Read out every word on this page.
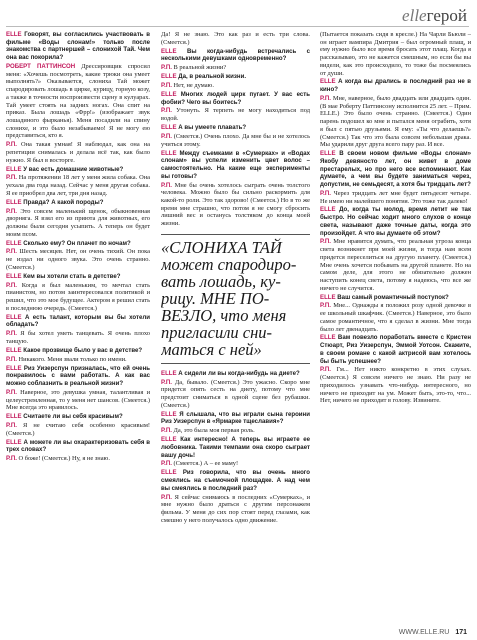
elleгерой

ELLE Говорят, вы согласились участвовать в фильме «Воды слонам!» только после знакомства с партнершей – слонихой Тай. Чем она вас покорила?

РОБЕРТ ПАТТИНСОН Дрессировщик спросил меня: «Хочешь посмотреть, какие трюки она умеет выполнять?» Оказывается, слониха Тай может спародировать лошадь в цирке, курицу, горную козу, а также в точности воспроизвести сцену в кулуарах. Тай умеет стоять на задних ногах. Она спит на приказ. Была лошадь «Фрр!» (изображает звук лошадиного фырканья). Меня посадили на спину слонихе, и это было незабываемо! Я не могу ею представиться, кто я.

Р.П. Она такая умная! Я наблюдал, как она на репетиции снималась и делала всё так, как было нужно. Я был в восторге.

ELLE У вас есть домашние животные?

Р.П. На протяжении 18 лет у меня жила собака. Она уехала два года назад. Сейчас у меня другая собака. Я ее приобрел два лет, три дня назад.

ELLE Правда? А какой породы?

Р.П. Это совсем маленький щенок, обыкновенная дворняга. Я взял его из приюта для животных, его должны были сегодня усыпить. А теперь он будет моим псом.

ELLE Сколько ему? Он плачет по ночам?

Р.П. Шесть месяцев. Нет, он очень тихий. Он пока не издал ни одного звука. Это очень странно. (Смеется.)

ELLE Кем вы хотели стать в детстве?

Р.П. Когда я был маленьким, то мечтал стать пианистом, но потом заинтересовался политикой и решил, что это мое будущее. Актером я решил стать в последнюю очередь. (Смеется.)

ELLE А есть талант, которым вы бы хотели обладать?

Р.П. Я бы хотел уметь танцевать. Я очень плохо танцую.

ELLE Какое прозвище было у вас в детстве?

Р.П. Никакого. Меня звали только по имени.

ELLE Риз Уизерспун призналась, что ей очень понравилось с вами работать. А как вас можно соблазнить в реальной жизни?

Р.П. Наверное, это девушка умная, талантливая и целеустремленная, то у меня нет шансов. (Смеется.) Мне всегда это нравилось.

ELLE Считаете ли вы себя красивым?

Р.П. Я не считаю себя особенно красивым! (Смеется.)

ELLE А можете ли вы охарактеризовать себя в трех словах?

Р.П. О боже! (Смеется.) Ну, я не знаю.

Да! Я не знаю. Это как раз и есть три слова. (Смеется.)

ELLE Вы когда-нибудь встречались с несколькими девушками одновременно?

Р.П. В реальной жизни?

ELLE Да, в реальной жизни.

Р.П. Нет, не думаю.

ELLE Многих людей цирк пугает. У вас есть фобии? Чего вы боитесь?

Р.П. Утонуть. Я терпеть не могу находиться под водой.

ELLE А вы умеете плавать?

Р.П. (Смеется.) Очень плохо. Да мне бы и не хотелось учиться этому.

ELLE Между съемками в «Сумерках» и «Водах слонам» вы успели изменить цвет волос – самостоятельно. На какие еще эксперименты вы готовы?

Р.П. Мне бы очень хотелось сыграть очень толстого человека. Можно было бы сильно раскормить для какой-то роли. Это так здорово! (Смеется.) Но в то же время мне страшно, что потом я не смогу сбросить лишний вес и останусь толстяком до конца моей жизни.

«СЛОНИХА ТАЙ
может спародиро-
вать лошадь, ку-
рицу. МНЕ ПО-
ВЕЗЛО, что меня
пригласили сни-
маться с ней»

ELLE А сидели ли вы когда-нибудь на диете?

Р.П. Да, бывало. (Смеется.) Это ужасно. Скоро мне придется опять сесть на диету, потому что мне предстоит сниматься в одной сцене без рубашки. (Смеется.)

ELLE Я слышала, что вы играли сына героини Риз Уизерспун в «Ярмарке тщеславия»?

Р.П. Да, это была моя первая роль.

ELLE Как интересно! А теперь вы играете ее любовника. Такими темпами она скоро сыграет вашу дочь!

Р.П. (Смеется.) А – ее маму!

ELLE Риз говорила, что вы очень много смеялись на съемочной площадке. А над чем вы смеялись в последний раз?

Р.П. Я сейчас снимаюсь в последних «Сумерках», и мне нужно было драться с другим персонажем фильма. У меня до сих пор стоят перед глазами, как смешно у него получалось одно движение.

(Пытается показать сидя в кресле.) На Чарли Бьюли – он играет вампира Дмитрия – был огромный плащ, и ему нужно было все время бросать этот плащ. Когда я рассказываю, это не кажется смешным, но если бы вы видели, как это происходило, то тоже бы посмеялись от души.

ELLE А когда вы дрались в последний раз не в кино?

Р.П. Мне, наверное, было двадцать или двадцать один. (В мае Роберту Паттинсону исполнится 25 лет. – Прим. ELLE.) Это было очень странно. (Смеется.) Один парень подошел ко мне и пытался меня ограбить, хотя я был с пятью друзьями. Я ему: «Ты что делаешь?» (Смеется.) Так что это была совсем небольшая драка. Мы ударили друг друга всего пару раз. И все.

ELLE В своем новом фильме «Воды слонам» Якобу девяносто лет, он живет в доме престарелых, но про него все вспоминают. Как думаете, а чем вы будете заниматься через, допустим, не семьдесят, а хотя бы тридцать лет?

Р.П. Через тридцать лет мне будет пятьдесят четыре. Не имею ни малейшего понятия. Это тоже так далеко!

ELLE До, когда ты молод, время летит не так быстро. Но сейчас ходит много слухов о конце света, называют даже точные даты, когда это произойдет. А что вы думаете об этом?

Р.П. Мне нравится думать, что реальная угроза конца света возникнет при моей жизни, и тогда нам всем придется переселиться на другую планету. (Смеется.) Мне очень хочется побывать на другой планете. Но на самом деле, для этого не обязательно должен наступить конец света, потому я надеюсь, что все же ничего не случится.

ELLE Ваш самый романтичный поступок?

Р.П. Мне... Однажды я положил розу одной девочке в ее школьный шкафчик. (Смеется.) Наверное, это было самое романтичное, что я сделал в жизни. Мне тогда было лет двенадцать.

ELLE Вам повезло поработать вместе с Кристен Стюарт, Риз Уизерспун, Эммой Уотсон. Скажите, в своем романе с какой актрисой вам хотелось бы быть успешнее?

Р.П. Гм... Нет никто конкретно в этих слухах. (Смеется.) Я совсем ничего не знаю. Ни разу не приходилось узнавать что-нибудь интересного, но ничего не приходит на ум. Может быть, это-то, чтo... Нет, ничего не приходит в голову. Извините.

WWW.ELLE.RU 171
